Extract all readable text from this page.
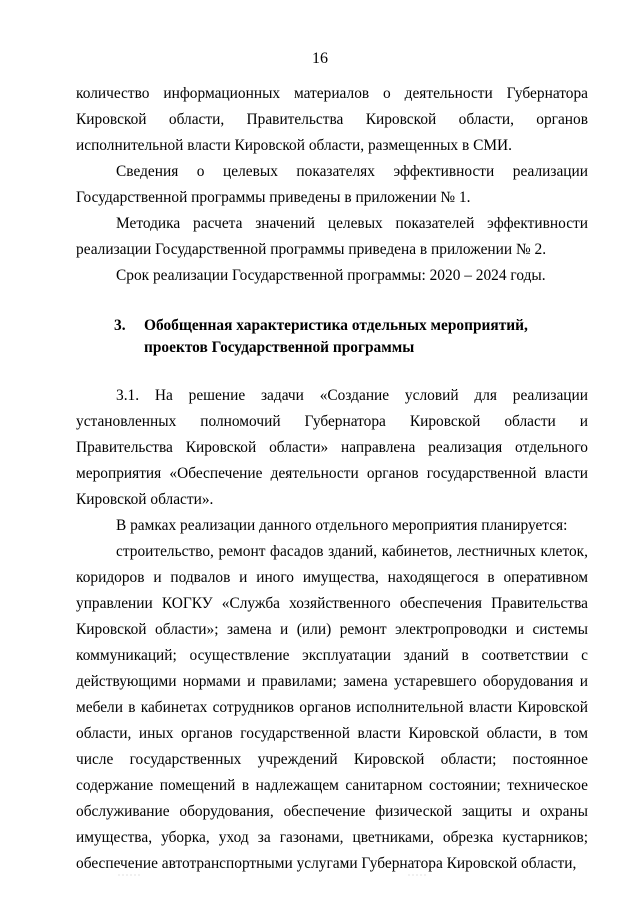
16

количество информационных материалов о деятельности Губернатора Кировской области, Правительства Кировской области, органов исполнительной власти Кировской области, размещенных в СМИ.

Сведения о целевых показателях эффективности реализации Государственной программы приведены в приложении № 1.

Методика расчета значений целевых показателей эффективности реализации Государственной программы приведена в приложении № 2.

Срок реализации Государственной программы: 2020 – 2024 годы.

3.	Обобщенная характеристика отдельных мероприятий, проектов Государственной программы

3.1. На решение задачи «Создание условий для реализации установленных полномочий Губернатора Кировской области и Правительства Кировской области» направлена реализация отдельного мероприятия «Обеспечение деятельности органов государственной власти Кировской области».

В рамках реализации данного отдельного мероприятия планируется:

строительство, ремонт фасадов зданий, кабинетов, лестничных клеток, коридоров и подвалов и иного имущества, находящегося в оперативном управлении КОГКУ «Служба хозяйственного обеспечения Правительства Кировской области»; замена и (или) ремонт электропроводки и системы коммуникаций; осуществление эксплуатации зданий в соответствии с действующими нормами и правилами; замена устаревшего оборудования и мебели в кабинетах сотрудников органов исполнительной власти Кировской области, иных органов государственной власти Кировской области, в том числе государственных учреждений Кировской области; постоянное содержание помещений в надлежащем санитарном состоянии; техническое обслуживание оборудования, обеспечение физической защиты и охраны имущества, уборка, уход за газонами, цветниками, обрезка кустарников; обеспечение автотранспортными услугами Губернатора Кировской области,
